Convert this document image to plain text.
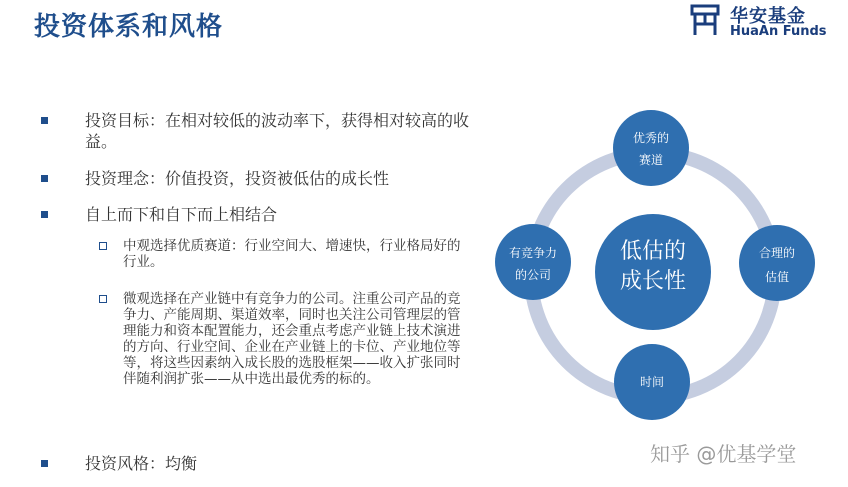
投资体系和风格	华安基金
HuaAn Funds
投资目标：在相对较低的波动率下，获得相对较高的收益。
投资理念：价值投资，投资被低估的成长性
自上而下和自下而上相结合
中观选择优质赛道：行业空间大、增速快，行业格局好的行业。
微观选择在产业链中有竞争力的公司。注重公司产品的竞争力、产能周期、渠道效率，同时也关注公司管理层的管理能力和资本配置能力，还会重点考虑产业链上技术演进的方向、行业空间、企业在产业链上的卡位、产业地位等等，将这些因素纳入成长股的选股框架——收入扩张同时伴随利润扩张——从中选出最优秀的标的。
投资风格：均衡
低估的
成长性
优秀的
赛道
合理的
估值
时间
有竞争力
的公司
知乎 @优基学堂
